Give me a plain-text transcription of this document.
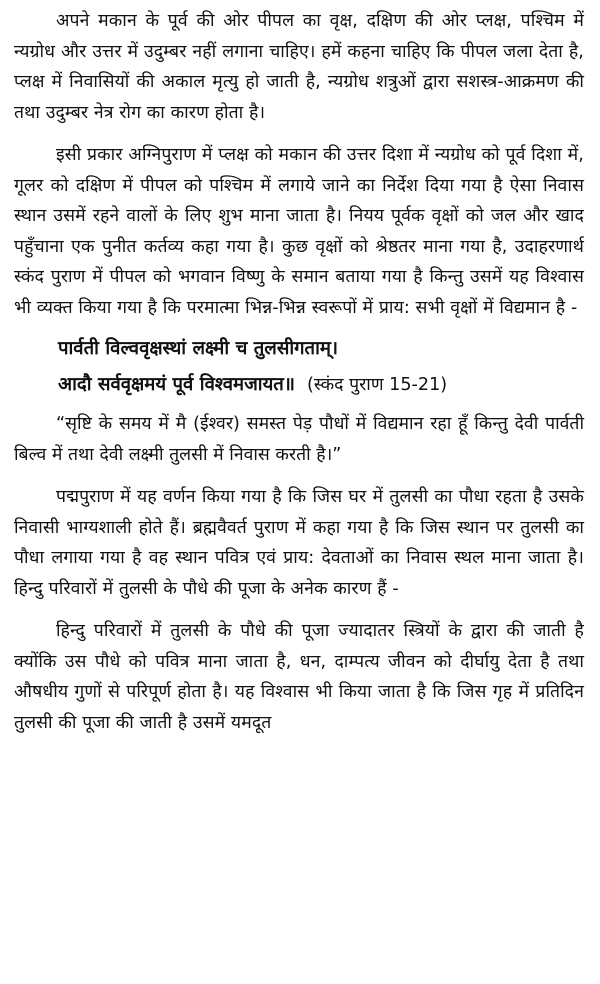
अपने मकान के पूर्व की ओर पीपल का वृक्ष, दक्षिण की ओर प्लक्ष, पश्चिम में न्यग्रोध और उत्तर में उदुम्बर नहीं लगाना चाहिए। हमें कहना चाहिए कि पीपल जला देता है, प्लक्ष में निवासियों की अकाल मृत्यु हो जाती है, न्यग्रोध शत्रुओं द्वारा सशस्त्र-आक्रमण की तथा उदुम्बर नेत्र रोग का कारण होता है।

इसी प्रकार अग्निपुराण में प्लक्ष को मकान की उत्तर दिशा में न्यग्रोध को पूर्व दिशा में, गूलर को दक्षिण में पीपल को पश्चिम में लगाये जाने का निर्देश दिया गया है ऐसा निवास स्थान उसमें रहने वालों के लिए शुभ माना जाता है। नियय पूर्वक वृक्षों को जल और खाद पहुँचाना एक पुनीत कर्तव्य कहा गया है। कुछ वृक्षों को श्रेष्ठतर माना गया है, उदाहरणार्थ स्कंद पुराण में पीपल को भगवान विष्णु के समान बताया गया है किन्तु उसमें यह विश्वास भी व्यक्त किया गया है कि परमात्मा भिन्न-भिन्न स्वरूपों में प्राय: सभी वृक्षों में विद्यमान है -

पार्वती विल्ववृक्षस्थां लक्ष्मी च तुलसीगताम्।
आदौ सर्ववृक्षमयं पूर्व विश्वमजायत॥ (स्कंद पुराण 15-21)

“सृष्टि के समय में मै (ईश्वर) समस्त पेड़ पौधों में विद्यमान रहा हूँ किन्तु देवी पार्वती बिल्व में तथा देवी लक्ष्मी तुलसी में निवास करती है।”

पद्मपुराण में यह वर्णन किया गया है कि जिस घर में तुलसी का पौधा रहता है उसके निवासी भाग्यशाली होते हैं। ब्रह्मवैवर्त पुराण में कहा गया है कि जिस स्थान पर तुलसी का पौधा लगाया गया है वह स्थान पवित्र एवं प्राय: देवताओं का निवास स्थल माना जाता है। हिन्दु परिवारों में तुलसी के पौधे की पूजा के अनेक कारण हैं -

हिन्दु परिवारों में तुलसी के पौधे की पूजा ज्यादातर स्त्रियों के द्वारा की जाती है क्योंकि उस पौधे को पवित्र माना जाता है, धन, दाम्पत्य जीवन को दीर्घायु देता है तथा औषधीय गुणों से परिपूर्ण होता है। यह विश्वास भी किया जाता है कि जिस गृह में प्रतिदिन तुलसी की पूजा की जाती है उसमें यमदूत
